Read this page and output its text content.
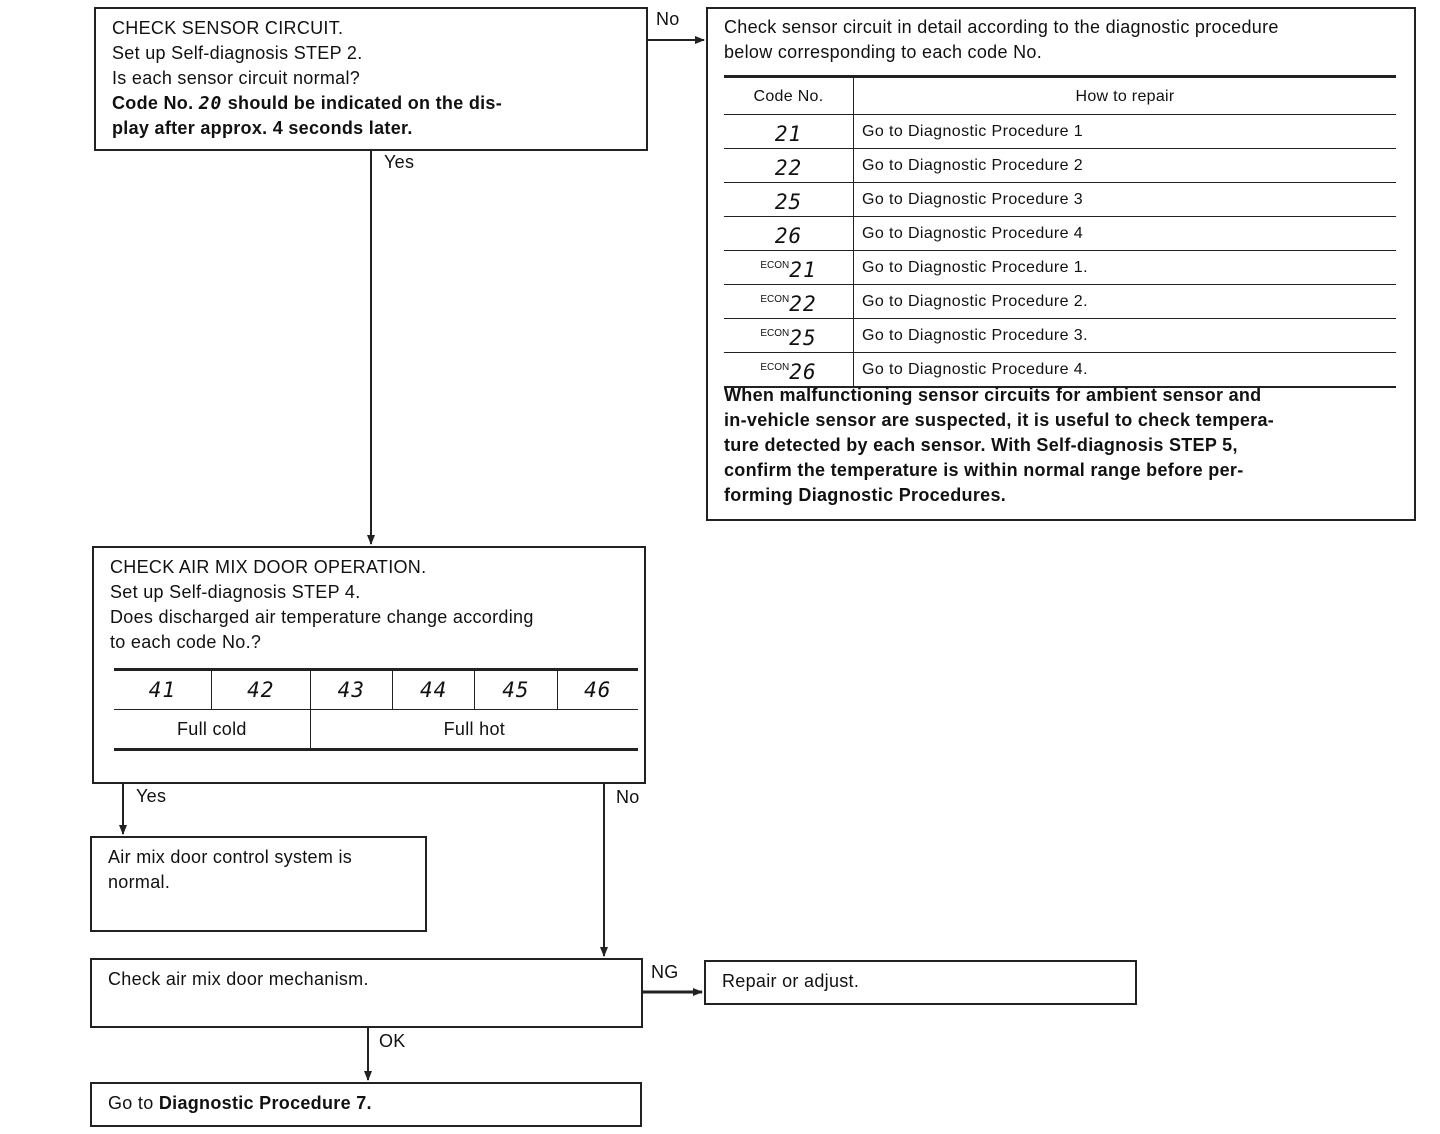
CHECK SENSOR CIRCUIT.
Set up Self-diagnosis STEP 2.
Is each sensor circuit normal?
Code No. 20 should be indicated on the dis-
play after approx. 4 seconds later.
No
Yes
Check sensor circuit in detail according to the diagnostic procedure
below corresponding to each code No.
Code No.	How to repair
21	Go to Diagnostic Procedure 1
22	Go to Diagnostic Procedure 2
25	Go to Diagnostic Procedure 3
26	Go to Diagnostic Procedure 4
$^{ECON}$21	Go to Diagnostic Procedure 1.
$^{ECON}$22	Go to Diagnostic Procedure 2.
$^{ECON}$25	Go to Diagnostic Procedure 3.
$^{ECON}$26	Go to Diagnostic Procedure 4.
When malfunctioning sensor circuits for ambient sensor and
in-vehicle sensor are suspected, it is useful to check tempera-
ture detected by each sensor. With Self-diagnosis STEP 5,
confirm the temperature is within normal range before per-
forming Diagnostic Procedures.
CHECK AIR MIX DOOR OPERATION.
Set up Self-diagnosis STEP 4.
Does discharged air temperature change according
to each code No.?
41	42	43	44	45	46
Full cold		Full hot			
Yes	No
Air mix door control system is
normal.
Check air mix door mechanism.	NG Repair or adjust.
OK
Go to Diagnostic Procedure 7.
